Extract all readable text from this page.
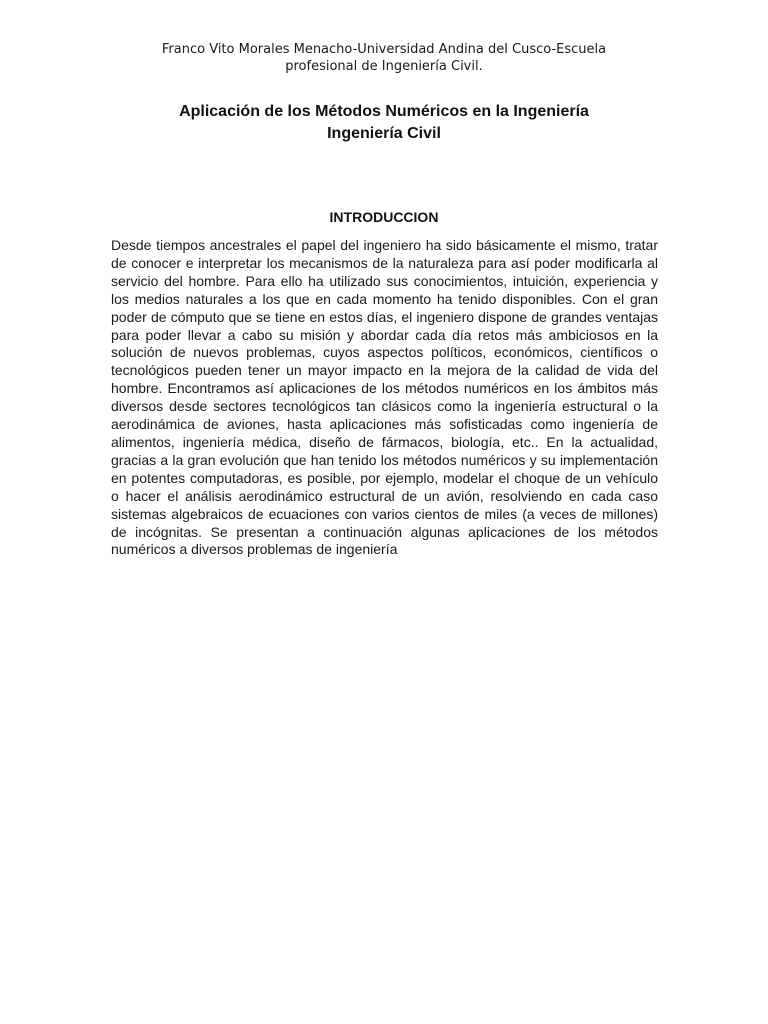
Franco Vito Morales Menacho-Universidad Andina del Cusco-Escuela
profesional de Ingeniería Civil.
Aplicación de los Métodos Numéricos en la Ingeniería
Ingeniería Civil
INTRODUCCION

Desde tiempos ancestrales el papel del ingeniero ha sido básicamente el mismo, tratar de conocer e interpretar los mecanismos de la naturaleza para así poder modificarla al servicio del hombre. Para ello ha utilizado sus conocimientos, intuición, experiencia y los medios naturales a los que en cada momento ha tenido disponibles. Con el gran poder de cómputo que se tiene en estos días, el ingeniero dispone de grandes ventajas para poder llevar a cabo su misión y abordar cada día retos más ambiciosos en la solución de nuevos problemas, cuyos aspectos políticos, económicos, científicos o tecnológicos pueden tener un mayor impacto en la mejora de la calidad de vida del hombre. Encontramos así aplicaciones de los métodos numéricos en los ámbitos más diversos desde sectores tecnológicos tan clásicos como la ingeniería estructural o la aerodinámica de aviones, hasta aplicaciones más sofisticadas como ingeniería de alimentos, ingeniería médica, diseño de fármacos, biología, etc.. En la actualidad, gracias a la gran evolución que han tenido los métodos numéricos y su implementación en potentes computadoras, es posible, por ejemplo, modelar el choque de un vehículo o hacer el análisis aerodinámico estructural de un avión, resolviendo en cada caso sistemas algebraicos de ecuaciones con varios cientos de miles (a veces de millones) de incógnitas. Se presentan a continuación algunas aplicaciones de los métodos numéricos a diversos problemas de ingeniería
